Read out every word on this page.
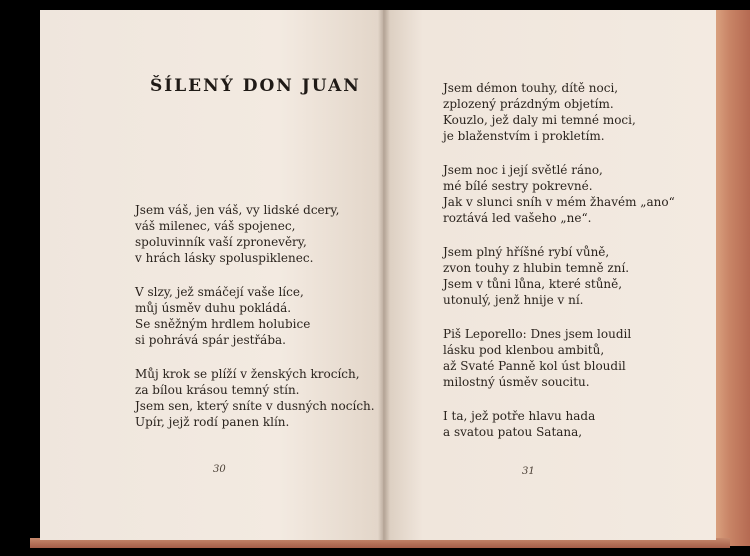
ŠÍLENÝ DON JUAN
Jsem váš, jen váš, vy lidské dcery,
váš milenec, váš spojenec,
spoluvinník vaší zpronevěry,
v hrách lásky spoluspiklenec.
V slzy, jež smáčejí vaše líce,
můj úsměv duhu pokládá.
Se sněžným hrdlem holubice
si pohrává spár jestřába.
Můj krok se plíží v ženských krocích,
za bílou krásou temný stín.
Jsem sen, který sníte v dusných nocích.
Upír, jejž rodí panen klín.
30
Jsem démon touhy, dítě noci,
zplozený prázdným objetím.
Kouzlo, jež daly mi temné moci,
je blaženstvím i prokletím.
Jsem noc i její světlé ráno,
mé bílé sestry pokrevné.
Jak v slunci sníh v mém žhavém „ano“
roztává led vašeho „ne“.
Jsem plný hříšné rybí vůně,
zvon touhy z hlubin temně zní.
Jsem v tůni lůna, které stůně,
utonulý, jenž hnije v ní.
Piš Leporello: Dnes jsem loudil
lásku pod klenbou ambitů,
až Svaté Panně kol úst bloudil
milostný úsměv soucitu.
I ta, jež potře hlavu hada
a svatou patou Satana,
31
